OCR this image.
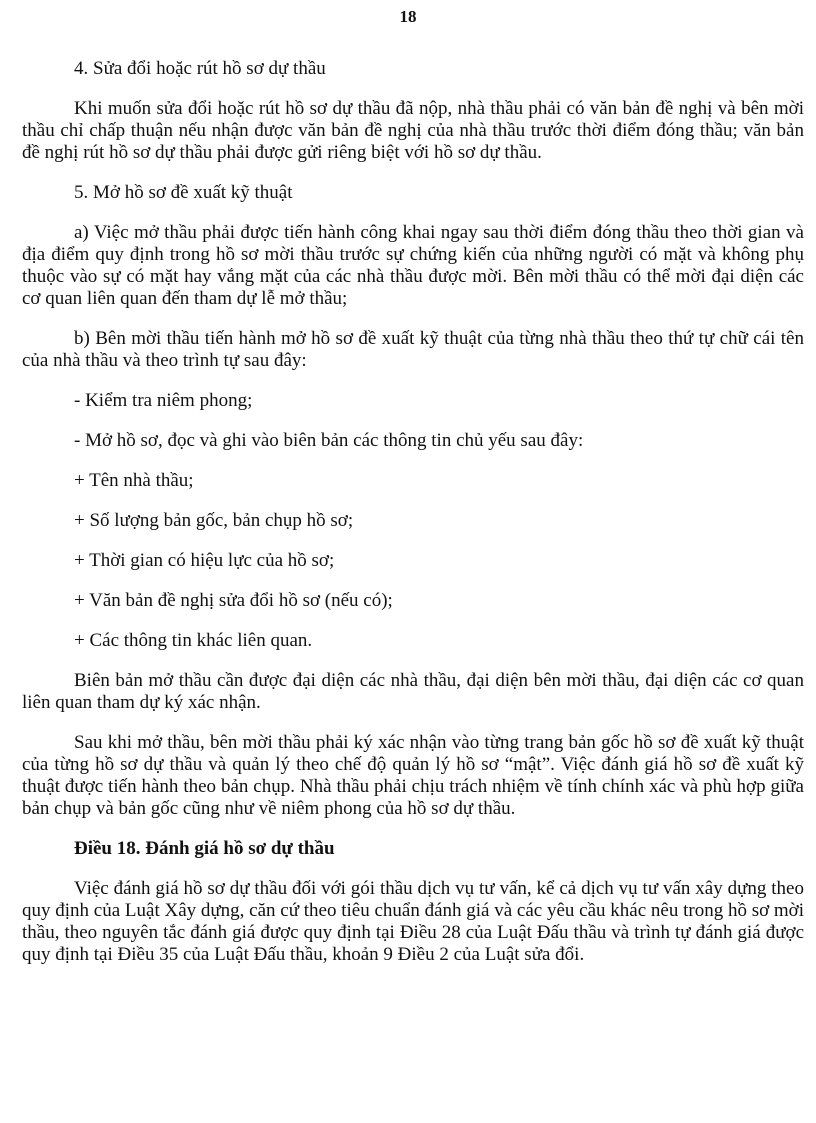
18

4. Sửa đổi hoặc rút hồ sơ dự thầu

Khi muốn sửa đổi hoặc rút hồ sơ dự thầu đã nộp, nhà thầu phải có văn bản đề nghị và bên mời thầu chỉ chấp thuận nếu nhận được văn bản đề nghị của nhà thầu trước thời điểm đóng thầu; văn bản đề nghị rút hồ sơ dự thầu phải được gửi riêng biệt với hồ sơ dự thầu.

5. Mở hồ sơ đề xuất kỹ thuật

a) Việc mở thầu phải được tiến hành công khai ngay sau thời điểm đóng thầu theo thời gian và địa điểm quy định trong hồ sơ mời thầu trước sự chứng kiến của những người có mặt và không phụ thuộc vào sự có mặt hay vắng mặt của các nhà thầu được mời. Bên mời thầu có thể mời đại diện các cơ quan liên quan đến tham dự lễ mở thầu;

b) Bên mời thầu tiến hành mở hồ sơ đề xuất kỹ thuật của từng nhà thầu theo thứ tự chữ cái tên của nhà thầu và theo trình tự sau đây:

- Kiểm tra niêm phong;

- Mở hồ sơ, đọc và ghi vào biên bản các thông tin chủ yếu sau đây:

+ Tên nhà thầu;

+ Số lượng bản gốc, bản chụp hồ sơ;

+ Thời gian có hiệu lực của hồ sơ;

+ Văn bản đề nghị sửa đổi hồ sơ (nếu có);

+ Các thông tin khác liên quan.

Biên bản mở thầu cần được đại diện các nhà thầu, đại diện bên mời thầu, đại diện các cơ quan liên quan tham dự ký xác nhận.

Sau khi mở thầu, bên mời thầu phải ký xác nhận vào từng trang bản gốc hồ sơ đề xuất kỹ thuật của từng hồ sơ dự thầu và quản lý theo chế độ quản lý hồ sơ “mật”. Việc đánh giá hồ sơ đề xuất kỹ thuật được tiến hành theo bản chụp. Nhà thầu phải chịu trách nhiệm về tính chính xác và phù hợp giữa bản chụp và bản gốc cũng như về niêm phong của hồ sơ dự thầu.

Điều 18. Đánh giá hồ sơ dự thầu

Việc đánh giá hồ sơ dự thầu đối với gói thầu dịch vụ tư vấn, kể cả dịch vụ tư vấn xây dựng theo quy định của Luật Xây dựng, căn cứ theo tiêu chuẩn đánh giá và các yêu cầu khác nêu trong hồ sơ mời thầu, theo nguyên tắc đánh giá được quy định tại Điều 28 của Luật Đấu thầu và trình tự đánh giá được quy định tại Điều 35 của Luật Đấu thầu, khoản 9 Điều 2 của Luật sửa đổi.
